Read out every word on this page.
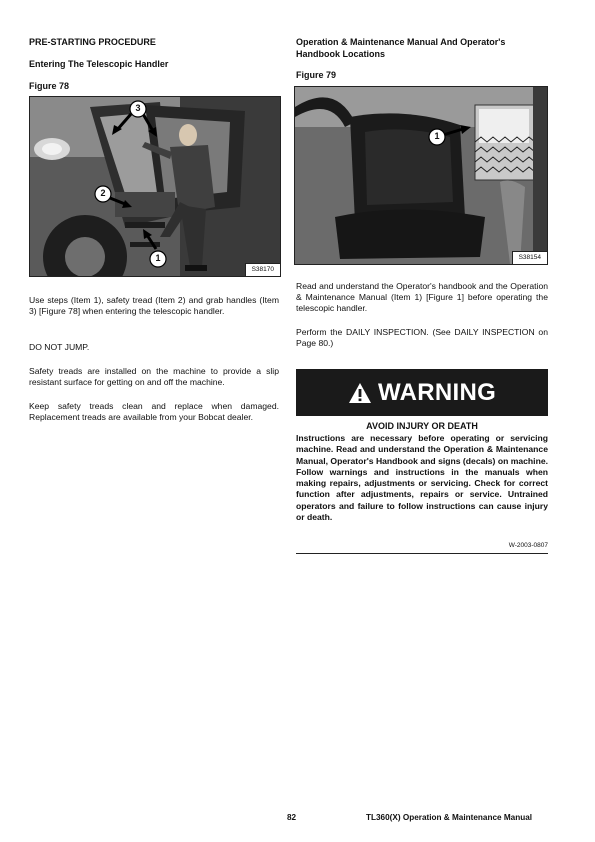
PRE-STARTING PROCEDURE
Entering The Telescopic Handler
Figure 78
3
2
1
S38170
Use steps (Item 1), safety tread (Item 2) and grab handles (Item 3) [Figure 78] when entering the telescopic handler.
DO NOT JUMP.
Safety treads are installed on the machine to provide a slip resistant surface for getting on and off the machine.
Keep safety treads clean and replace when damaged. Replacement treads are available from your Bobcat dealer.
Operation & Maintenance Manual And Operator's Handbook Locations
Figure 79
1
S38154
Read and understand the Operator's handbook and the Operation & Maintenance Manual (Item 1) [Figure 1] before operating the telescopic handler.
Perform the DAILY INSPECTION. (See DAILY INSPECTION on Page 80.)
WARNING
AVOID INJURY OR DEATH
Instructions are necessary before operating or servicing machine. Read and understand the Operation & Maintenance Manual, Operator's Handbook and signs (decals) on machine. Follow warnings and instructions in the manuals when making repairs, adjustments or servicing. Check for correct function after adjustments, repairs or service. Untrained operators and failure to follow instructions can cause injury or death.
W-2003-0807
82	TL360(X) Operation & Maintenance Manual
